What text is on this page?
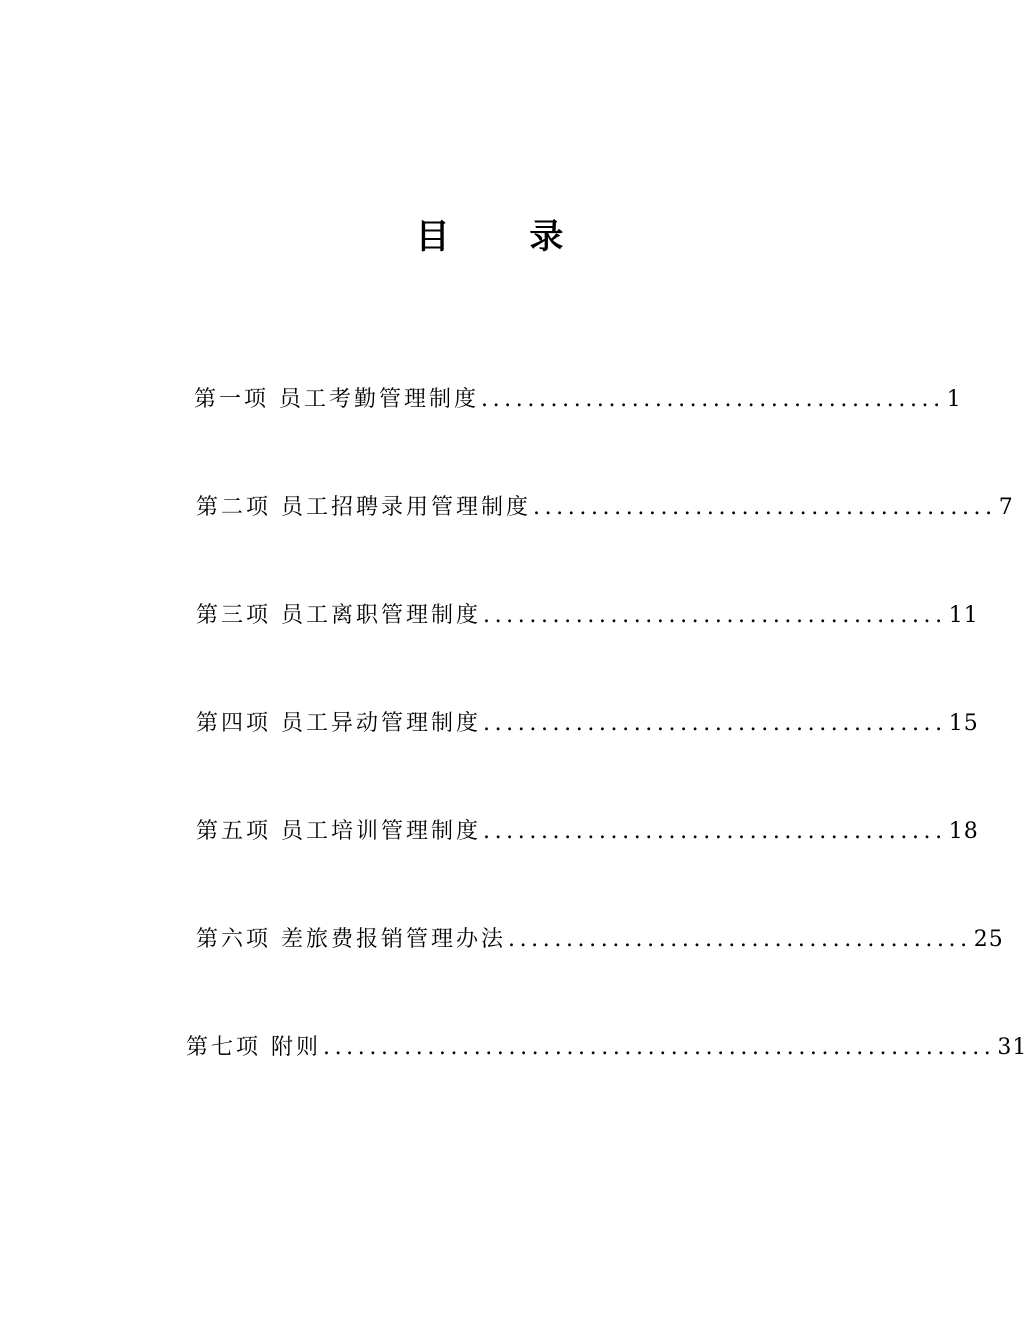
目 录
第一项 员工考勤管理制度 ........................................ 1
第二项 员工招聘录用管理制度 ........................................ 7
第三项 员工离职管理制度 ........................................ 11
第四项 员工异动管理制度 ........................................ 15
第五项 员工培训管理制度 ........................................ 18
第六项 差旅费报销管理办法 ........................................ 25
第七项 附则 .......................................................... 31
